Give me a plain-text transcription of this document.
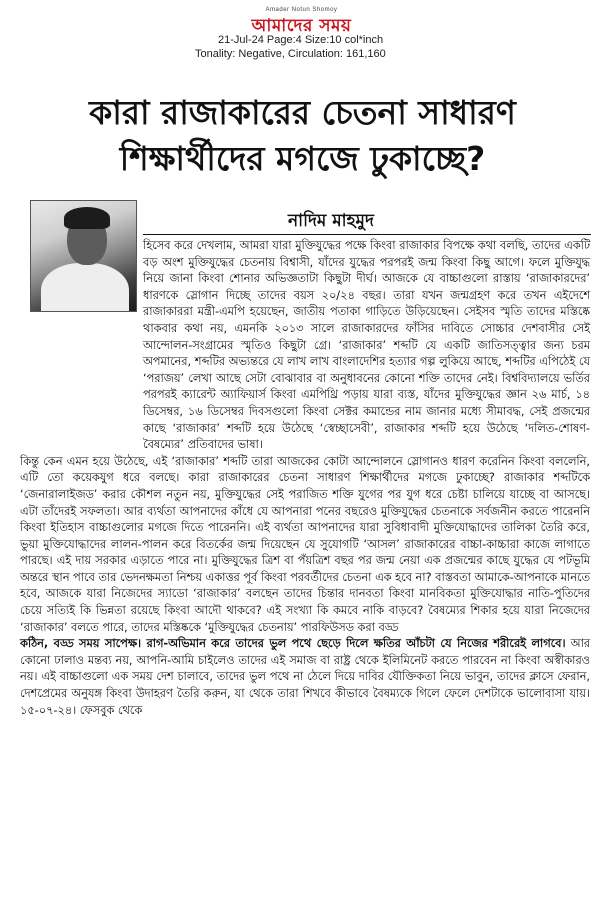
Amader Notun Shomoy
আমাদের সময়
21-Jul-24 Page:4 Size:10 col*inch
Tonality: Negative, Circulation: 161,160
কারা রাজাকারের চেতনা সাধারণ
শিক্ষার্থীদের মগজে ঢুকাচ্ছে?
নাদিম মাহমুদ

হিসেব করে দেখলাম, আমরা যারা মুক্তিযুদ্ধের পক্ষে কিংবা রাজাকার বিপক্ষে কথা বলছি, তাদের একটি বড় অংশ মুক্তিযুদ্ধের চেতনায় বিশ্বাসী, যাঁদের যুদ্ধের পরপরই জন্ম কিংবা কিছু আগে। ফলে মুক্তিযুদ্ধ নিয়ে জানা কিংবা শোনার অভিজ্ঞতাটা কিছুটা দীর্ঘ। আজকে যে বাচ্চাগুলো রাস্তায় ‘রাজাকারদের’ ধারণকে স্লোগান দিচ্ছে তাদের বয়স ২০/২৪ বছর। তারা যখন জন্মগ্রহণ করে তখন এইদেশে রাজাকাররা মন্ত্রী-এমপি হয়েছেন, জাতীয় পতাকা গাড়িতে উড়িয়েছেন। সেইসব স্মৃতি তাদের মস্তিষ্কে থাকবার কথা নয়, এমনকি ২০১৩ সালে রাজাকারদের ফাঁসির দাবিতে সোচ্চার দেশবাসীর সেই আন্দোলন-সংগ্রামের স্মৃতিও কিছুটা গ্রে। ‘রাজাকার’ শব্দটি যে একটি জাতিসত্ত্বার জন্য চরম অপমানের, শব্দটির অভ্যন্তরে যে লাখ লাখ বাংলাদেশির হত্যার গল্প লুকিয়ে আছে, শব্দটির এপিঠেই যে ‘পরাজয়’ লেখা আছে সেটা বোঝাবার বা অনুধাবনের কোনো শক্তি তাদের নেই। বিশ্ববিদ্যালয়ে ভর্তির পরপরই ক্যারেন্ট অ্যাফিয়ার্স কিংবা এমপিথ্রি পড়ায় যারা ব্যস্ত, যাঁদের মুক্তিযুদ্ধের জ্ঞান ২৬ মার্চ, ১৪ ডিসেম্বর, ১৬ ডিসেম্বর দিবসগুলো কিংবা সেক্টর কমান্ডের নাম জানার মধ্যে সীমাবদ্ধ, সেই প্রজন্মের কাছে ‘রাজাকার’ শব্দটি হয়ে উঠেছে ‘স্বেচ্ছাসেবী’, রাজাকার শব্দটি হয়ে উঠেছে ‘দলিত-শোষণ-বৈষম্যের’ প্রতিবাদের ভাষা।

কিন্তু কেন এমন হয়ে উঠেছে, এই ‘রাজাকার’ শব্দটি তারা আজকের কোটা আন্দোলনে স্লোগানও ধারণ করেনিন কিংবা বললেনি, এটি তো কয়েকযুগ ধরে বলছে। কারা রাজাকারের চেতনা সাধারণ শিক্ষার্থীদের মগজে ঢুকাচ্ছে? রাজাকার শব্দটিকে ‘জেনারালাইজড’ করার কৌশল নতুন নয়, মুক্তিযুদ্ধের সেই পরাজিত শক্তি যুগের পর যুগ ধরে চেষ্টা চালিয়ে যাচ্ছে বা আসছে। এটা তাঁদেরই সফলতা। আর ব্যর্থতা আপনাদের কাঁধে যে আপনারা পনের বছরেও মুক্তিযুদ্ধের চেতনাকে সর্বজনীন করতে পারেননি কিংবা ইতিহাস বাচ্চাগুলোর মগজে দিতে পারেননি। এই ব্যর্থতা আপনাদের যারা সুবিধাবাদী মুক্তিযোদ্ধাদের তালিকা তৈরি করে, ভুয়া মুক্তিযোদ্ধাদের লালন-পালন করে বিতর্কের জন্ম দিয়েছেন যে সুযোগটি ‘আসল’ রাজাকারের বাচ্চা-কাচ্চারা কাজে লাগাতে পারছে। এই দায় সরকার এড়াতে পারে না। মুক্তিযুদ্ধের ত্রিশ বা পঁয়ত্রিশ বছর পর জন্ম নেয়া এক প্রজন্মের কাছে যুদ্ধের যে পটভূমি অন্তরে স্থান পাবে তার ভেদনক্ষমতা নিশ্চয় একাত্তর পূর্ব কিংবা পরবর্তীদের চেতনা এক হবে না? বাস্তবতা আমাকে-আপনাকে মানতে হবে, আজকে যারা নিজেদের স্যাডো ‘রাজাকার’ বলছেন তাদের চিন্তার দানবতা কিংবা মানবিকতা মুক্তিযোদ্ধার নাতি-পুতিদের চেয়ে সত্যিই কি ভিন্নতা রয়েছে কিংবা আদৌ থাকবে? এই সংখ্যা কি কমবে নাকি বাড়বে? বৈষম্যের শিকার হয়ে যারা নিজেদের ‘রাজাকার’ বলতে পারে, তাদের মস্তিষ্ককে ‘মুক্তিযুদ্ধের চেতনায়’ পারফিউসড করা বড্ড

কঠিন, বড্ড সময় সাপেক্ষ। রাগ-অভিমান করে তাদের ভুল পথে ছেড়ে দিলে ক্ষতির আঁচটা যে নিজের শরীরেই লাগবে। আর কোনো ঢালাও মন্তব্য নয়, আপনি-আমি চাইলেও তাদের এই সমাজ বা রাষ্ট্র থেকে ইলিমিনেট করতে পারবেন না কিংবা অস্বীকারও নয়। এই বাচ্চাগুলো এক সময় দেশ চালাবে, তাদের ভুল পথে না ঠেলে দিয়ে দাবির যৌক্তিকতা নিয়ে ভাবুন, তাদের ক্লাসে ফেরান, দেশপ্রেমের অনুযঙ্গ কিংবা উদাহরণ তৈরি করুন, যা থেকে তারা শিখবে কীভাবে বৈষম্যকে গিলে ফেলে দেশটাকে ভালোবাসা যায়। ১৫-০৭-২৪। ফেসবুক থেকে
